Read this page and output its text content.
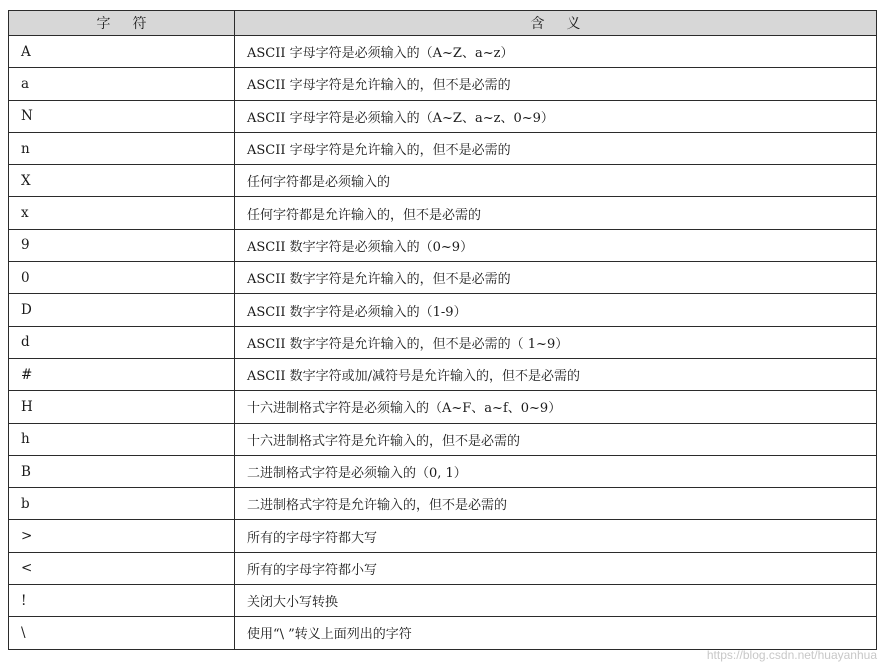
字符	含义
A	ASCII 字母字符是必须输入的（A~Z、a~z）
a	ASCII 字母字符是允许输入的，但不是必需的
N	ASCII 字母字符是必须输入的（A~Z、a~z、0~9）
n	ASCII 字母字符是允许输入的，但不是必需的
X	任何字符都是必须输入的
x	任何字符都是允许输入的，但不是必需的
9	ASCII 数字字符是必须输入的（0~9）
0	ASCII 数字字符是允许输入的，但不是必需的
D	ASCII 数字字符是必须输入的（1-9）
d	ASCII 数字字符是允许输入的，但不是必需的（ 1~9）
#	ASCII 数字字符或加/减符号是允许输入的，但不是必需的
H	十六进制格式字符是必须输入的（A~F、a~f、0~9）
h	十六进制格式字符是允许输入的，但不是必需的
B	二进制格式字符是必须输入的（0, 1）
b	二进制格式字符是允许输入的，但不是必需的
>	所有的字母字符都大写
<	所有的字母字符都小写
!	关闭大小写转换
\	使用“\ ”转义上面列出的字符
https://blog.csdn.net/huayanhua
